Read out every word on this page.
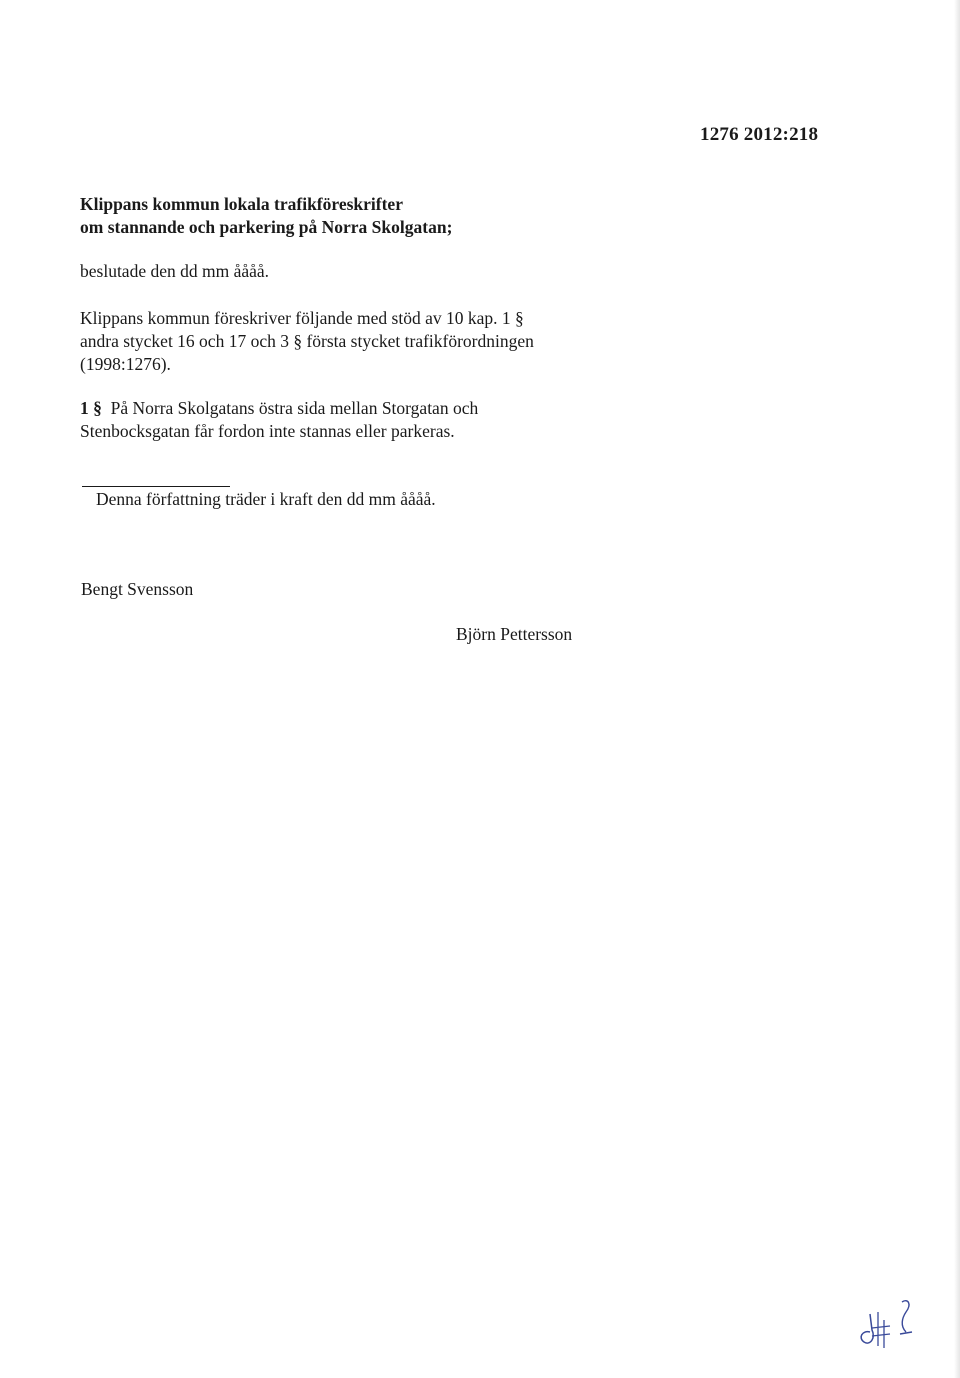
1276 2012:218
Klippans kommun lokala trafikföreskrifter
om stannande och parkering på Norra Skolgatan;
beslutade den dd mm åååå.
Klippans kommun föreskriver följande med stöd av 10 kap. 1 §
andra stycket 16 och 17 och 3 § första stycket trafikförordningen
(1998:1276).
1 § På Norra Skolgatans östra sida mellan Storgatan och
Stenbocksgatan får fordon inte stannas eller parkeras.
Denna författning träder i kraft den dd mm åååå.
Bengt Svensson
Björn Pettersson
